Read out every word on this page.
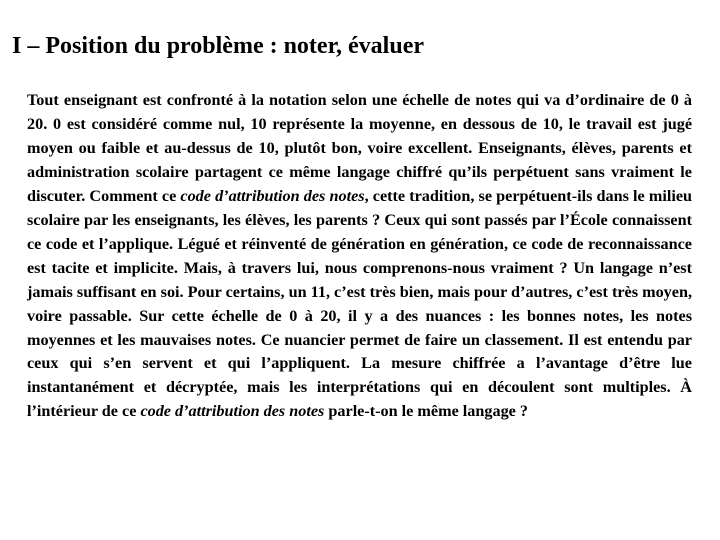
I – Position du problème : noter, évaluer

Tout enseignant est confronté à la notation selon une échelle de notes qui va d’ordinaire de 0 à 20. 0 est considéré comme nul, 10 représente la moyenne, en dessous de 10, le travail est jugé moyen ou faible et au-dessus de 10, plutôt bon, voire excellent. Enseignants, élèves, parents et administration scolaire partagent ce même langage chiffré qu’ils perpétuent sans vraiment le discuter. Comment ce code d’attribution des notes, cette tradition, se perpétuent-ils dans le milieu scolaire par les enseignants, les élèves, les parents ? Ceux qui sont passés par l’École connaissent ce code et l’applique. Légué et réinventé de génération en génération, ce code de reconnaissance est tacite et implicite. Mais, à travers lui, nous comprenons-nous vraiment ? Un langage n’est jamais suffisant en soi. Pour certains, un 11, c’est très bien, mais pour d’autres, c’est très moyen, voire passable. Sur cette échelle de 0 à 20, il y a des nuances : les bonnes notes, les notes moyennes et les mauvaises notes. Ce nuancier permet de faire un classement. Il est entendu par ceux qui s’en servent et qui l’appliquent. La mesure chiffrée a l’avantage d’être lue instantanément et décryptée, mais les interprétations qui en découlent sont multiples. À l’intérieur de ce code d’attribution des notes parle-t-on le même langage ?
